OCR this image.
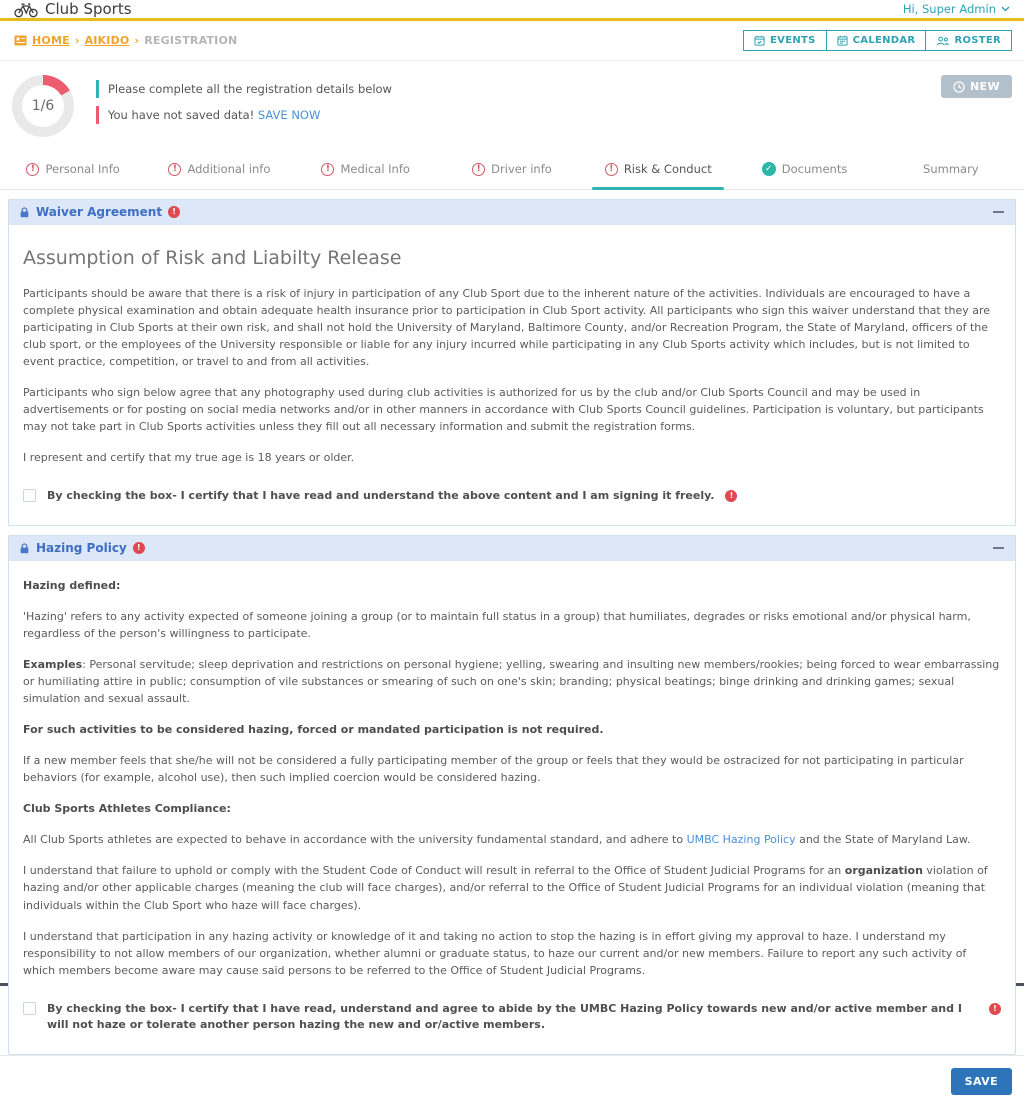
Club Sports	Hi, Super Admin
HOME › AIKIDO › REGISTRATION	EVENTS	CALENDAR	ROSTER
1/6
Please complete all the registration details below
You have not saved data! SAVE NOW
NEW
!
Personal Info !	Additional info !	Medical Info !	Driver info !	Risk & Conduct ✓	Documents	Summary
Waiver Agreement
!
Assumption of Risk and Liabilty Release

Participants should be aware that there is a risk of injury in participation of any Club Sport due to the inherent nature of the activities. Individuals are encouraged to have a complete physical examination and obtain adequate health insurance prior to participation in Club Sport activity. All participants who sign this waiver understand that they are participating in Club Sports at their own risk, and shall not hold the University of Maryland, Baltimore County, and/or Recreation Program, the State of Maryland, officers of the club sport, or the employees of the University responsible or liable for any injury incurred while participating in any Club Sports activity which includes, but is not limited to event practice, competition, or travel to and from all activities.

Participants who sign below agree that any photography used during club activities is authorized for us by the club and/or Club Sports Council and may be used in advertisements or for posting on social media networks and/or in other manners in accordance with Club Sports Council guidelines. Participation is voluntary, but participants may not take part in Club Sports activities unless they fill out all necessary information and submit the registration forms.

I represent and certify that my true age is 18 years or older.

By checking the box- I certify that I have read and understand the above content and I am signing it freely.
!
Hazing Policy
!

Hazing defined:

'Hazing' refers to any activity expected of someone joining a group (or to maintain full status in a group) that humiliates, degrades or risks emotional and/or physical harm, regardless of the person's willingness to participate.

Examples: Personal servitude; sleep deprivation and restrictions on personal hygiene; yelling, swearing and insulting new members/rookies; being forced to wear embarrassing or humiliating attire in public; consumption of vile substances or smearing of such on one's skin; branding; physical beatings; binge drinking and drinking games; sexual simulation and sexual assault.

For such activities to be considered hazing, forced or mandated participation is not required.

If a new member feels that she/he will not be considered a fully participating member of the group or feels that they would be ostracized for not participating in particular behaviors (for example, alcohol use), then such implied coercion would be considered hazing.

Club Sports Athletes Compliance:

All Club Sports athletes are expected to behave in accordance with the university fundamental standard, and adhere to UMBC Hazing Policy and the State of Maryland Law.

I understand that failure to uphold or comply with the Student Code of Conduct will result in referral to the Office of Student Judicial Programs for an organization violation of hazing and/or other applicable charges (meaning the club will face charges), and/or referral to the Office of Student Judicial Programs for an individual violation (meaning that individuals within the Club Sport who haze will face charges).

I understand that participation in any hazing activity or knowledge of it and taking no action to stop the hazing is in effort giving my approval to haze. I understand my responsibility to not allow members of our organization, whether alumni or graduate status, to haze our current and/or new members. Failure to report any such activity of which members become aware may cause said persons to be referred to the Office of Student Judicial Programs.

By checking the box- I certify that I have read, understand and agree to abide by the UMBC Hazing Policy towards new and/or active member and I will not haze or tolerate another person hazing the new and or/active members.
!
SAVE
